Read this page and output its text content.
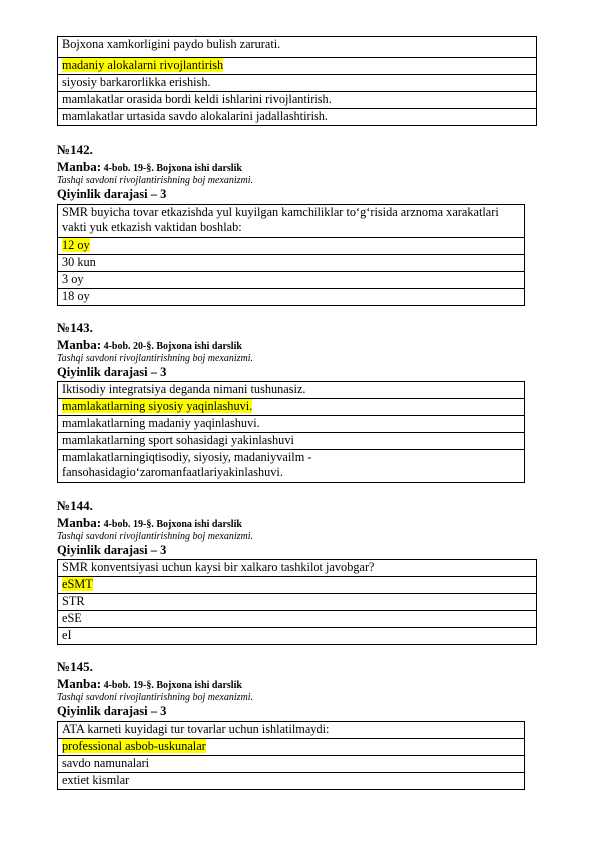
Bojxona xamkorligini paydo bulish zarurati.
madaniy alokalarni rivojlantirish
siyosiy barkarorlikka erishish.
mamlakatlar orasida bordi keldi ishlarini rivojlantirish.
mamlakatlar urtasida savdo alokalarini jadallashtirish.
№142.
Manba: 4-bob. 19-§. Bojxona ishi darslik
Tashqi savdoni rivojlantirishning boj mexanizmi.
Qiyinlik darajasi – 3
SMR buyicha tovar etkazishda yul kuyilgan kamchiliklar to‘g‘risida arznoma xarakatlari vakti yuk etkazish vaktidan boshlab:
12 oy
30 kun
3 oy
18 oy
№143.
Manba: 4-bob. 20-§. Bojxona ishi darslik
Tashqi savdoni rivojlantirishning boj mexanizmi.
Qiyinlik darajasi – 3
Iktisodiy integratsiya deganda nimani tushunasiz.
mamlakatlarning siyosiy yaqinlashuvi.
mamlakatlarning madaniy yaqinlashuvi.
mamlakatlarning sport sohasidagi yakinlashuvi
mamlakatlarningiqtisodiy, siyosiy, madaniyvailm - fansohasidagio‘zaromanfaatlariyakinlashuvi.
№144.
Manba: 4-bob. 19-§. Bojxona ishi darslik
Tashqi savdoni rivojlantirishning boj mexanizmi.
Qiyinlik darajasi – 3
SMR konventsiyasi uchun kaysi bir xalkaro tashkilot javobgar?
eSMT
STR
eSE
eI
№145.
Manba: 4-bob. 19-§. Bojxona ishi darslik
Tashqi savdoni rivojlantirishning boj mexanizmi.
Qiyinlik darajasi – 3
ATA karneti kuyidagi tur tovarlar uchun ishlatilmaydi:
professional asbob-uskunalar
savdo namunalari
extiet kismlar
